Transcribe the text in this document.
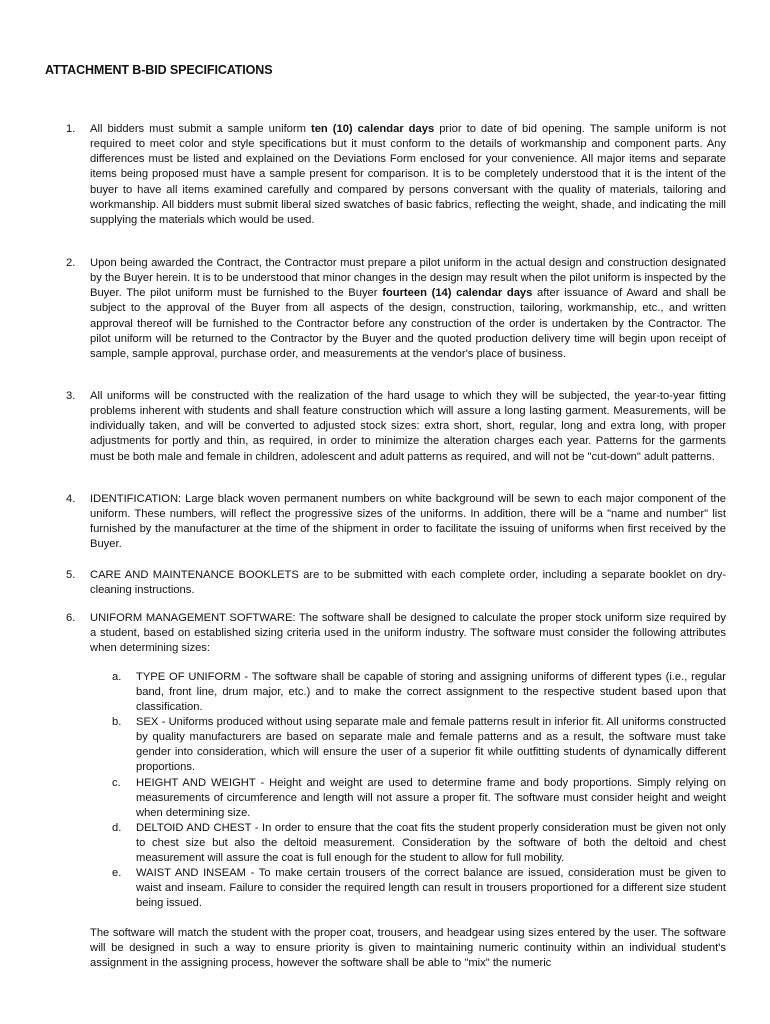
ATTACHMENT B-BID SPECIFICATIONS
1.	All bidders must submit a sample uniform ten (10) calendar days prior to date of bid opening. The sample uniform is not required to meet color and style specifications but it must conform to the details of workmanship and component parts. Any differences must be listed and explained on the Deviations Form enclosed for your convenience. All major items and separate items being proposed must have a sample present for comparison. It is to be completely understood that it is the intent of the buyer to have all items examined carefully and compared by persons conversant with the quality of materials, tailoring and workmanship. All bidders must submit liberal sized swatches of basic fabrics, reflecting the weight, shade, and indicating the mill supplying the materials which would be used.
2.	Upon being awarded the Contract, the Contractor must prepare a pilot uniform in the actual design and construction designated by the Buyer herein. It is to be understood that minor changes in the design may result when the pilot uniform is inspected by the Buyer. The pilot uniform must be furnished to the Buyer fourteen (14) calendar days after issuance of Award and shall be subject to the approval of the Buyer from all aspects of the design, construction, tailoring, workmanship, etc., and written approval thereof will be furnished to the Contractor before any construction of the order is undertaken by the Contractor. The pilot uniform will be returned to the Contractor by the Buyer and the quoted production delivery time will begin upon receipt of sample, sample approval, purchase order, and measurements at the vendor's place of business.
3.	All uniforms will be constructed with the realization of the hard usage to which they will be subjected, the year-to-year fitting problems inherent with students and shall feature construction which will assure a long lasting garment. Measurements, will be individually taken, and will be converted to adjusted stock sizes: extra short, short, regular, long and extra long, with proper adjustments for portly and thin, as required, in order to minimize the alteration charges each year. Patterns for the garments must be both male and female in children, adolescent and adult patterns as required, and will not be "cut-down" adult patterns.
4.	IDENTIFICATION: Large black woven permanent numbers on white background will be sewn to each major component of the uniform. These numbers, will reflect the progressive sizes of the uniforms. In addition, there will be a "name and number" list furnished by the manufacturer at the time of the shipment in order to facilitate the issuing of uniforms when first received by the Buyer.
5.	CARE AND MAINTENANCE BOOKLETS are to be submitted with each complete order, including a separate booklet on dry-cleaning instructions.
6.	UNIFORM MANAGEMENT SOFTWARE: The software shall be designed to calculate the proper stock uniform size required by a student, based on established sizing criteria used in the uniform industry. The software must consider the following attributes when determining sizes:
a.	TYPE OF UNIFORM - The software shall be capable of storing and assigning uniforms of different types (i.e., regular band, front line, drum major, etc.) and to make the correct assignment to the respective student based upon that classification.
b.	SEX - Uniforms produced without using separate male and female patterns result in inferior fit. All uniforms constructed by quality manufacturers are based on separate male and female patterns and as a result, the software must take gender into consideration, which will ensure the user of a superior fit while outfitting students of dynamically different proportions.
c.	HEIGHT AND WEIGHT - Height and weight are used to determine frame and body proportions. Simply relying on measurements of circumference and length will not assure a proper fit. The software must consider height and weight when determining size.
d.	DELTOID AND CHEST - In order to ensure that the coat fits the student properly consideration must be given not only to chest size but also the deltoid measurement. Consideration by the software of both the deltoid and chest measurement will assure the coat is full enough for the student to allow for full mobility.
e.	WAIST AND INSEAM - To make certain trousers of the correct balance are issued, consideration must be given to waist and inseam. Failure to consider the required length can result in trousers proportioned for a different size student being issued.
The software will match the student with the proper coat, trousers, and headgear using sizes entered by the user. The software will be designed in such a way to ensure priority is given to maintaining numeric continuity within an individual student's assignment in the assigning process, however the software shall be able to "mix" the numeric
